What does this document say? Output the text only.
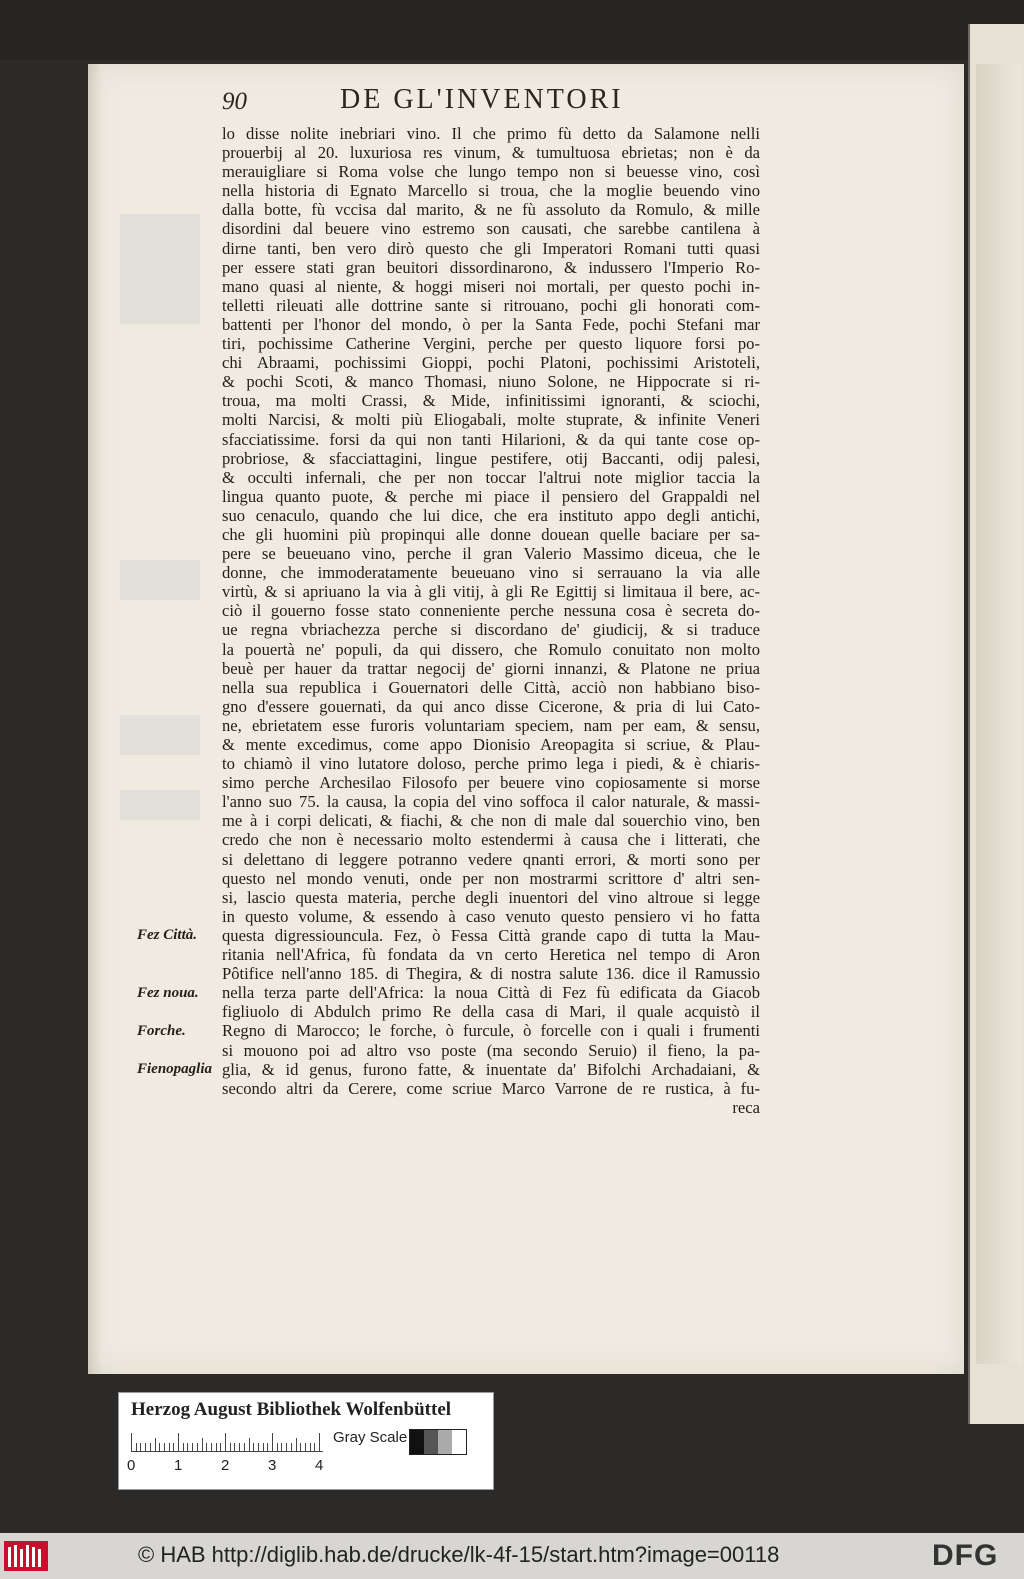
90	DE GL'INVENTORI
lo disse nolite inebriari vino. Il che primo fù detto da Salamone nelli
prouerbij al 20. luxuriosa res vinum, & tumultuosa ebrietas; non è da
merauigliare si Roma volse che lungo tempo non si beuesse vino, così
nella historia di Egnato Marcello si troua, che la moglie beuendo vino
dalla botte, fù vccisa dal marito, & ne fù assoluto da Romulo, & mille
disordini dal beuere vino estremo son causati, che sarebbe cantilena à
dirne tanti, ben vero dirò questo che gli Imperatori Romani tutti quasi
per essere stati gran beuitori dissordinarono, & indussero l'Imperio Ro-
mano quasi al niente, & hoggi miseri noi mortali, per questo pochi in-
telletti rileuati alle dottrine sante si ritrouano, pochi gli honorati com-
battenti per l'honor del mondo, ò per la Santa Fede, pochi Stefani mar
tiri, pochissime Catherine Vergini, perche per questo liquore forsi po-
chi Abraami, pochissimi Gioppi, pochi Platoni, pochissimi Aristoteli,
& pochi Scoti, & manco Thomasi, niuno Solone, ne Hippocrate si ri-
troua, ma molti Crassi, & Mide, infinitissimi ignoranti, & sciochi,
molti Narcisi, & molti più Eliogabali, molte stuprate, & infinite Veneri
sfacciatissime. forsi da qui non tanti Hilarioni, & da qui tante cose op-
probriose, & sfacciattagini, lingue pestifere, otij Baccanti, odij palesi,
& occulti infernali, che per non toccar l'altrui note miglior taccia la
lingua quanto puote, & perche mi piace il pensiero del Grappaldi nel
suo cenaculo, quando che lui dice, che era instituto appo degli antichi,
che gli huomini più propinqui alle donne douean quelle baciare per sa-
pere se beueuano vino, perche il gran Valerio Massimo diceua, che le
donne, che immoderatamente beueuano vino si serrauano la via alle
virtù, & si apriuano la via à gli vitij, à gli Re Egittij si limitaua il bere, ac-
ciò il gouerno fosse stato conneniente perche nessuna cosa è secreta do-
ue regna vbriachezza perche si discordano de' giudicij, & si traduce
la pouertà ne' populi, da qui dissero, che Romulo conuitato non molto
beuè per hauer da trattar negocij de' giorni innanzi, & Platone ne priua
nella sua republica i Gouernatori delle Città, acciò non habbiano biso-
gno d'essere gouernati, da qui anco disse Cicerone, & pria di lui Cato-
ne, ebrietatem esse furoris voluntariam speciem, nam per eam, & sensu,
& mente excedimus, come appo Dionisio Areopagita si scriue, & Plau-
to chiamò il vino lutatore doloso, perche primo lega i piedi, & è chiaris-
simo perche Archesilao Filosofo per beuere vino copiosamente si morse
l'anno suo 75. la causa, la copia del vino soffoca il calor naturale, & massi-
me à i corpi delicati, & fiachi, & che non di male dal souerchio vino, ben
credo che non è necessario molto estendermi à causa che i litterati, che
si delettano di leggere potranno vedere qnanti errori, & morti sono per
questo nel mondo venuti, onde per non mostrarmi scrittore d' altri sen-
si, lascio questa materia, perche degli inuentori del vino altroue si legge
in questo volume, & essendo à caso venuto questo pensiero vi ho fatta
questa digressiouncula. Fez, ò Fessa Città grande capo di tutta la Mau-
ritania nell'Africa, fù fondata da vn certo Heretica nel tempo di Aron
Pôtifice nell'anno 185. di Thegira, & di nostra salute 136. dice il Ramussio
nella terza parte dell'Africa: la noua Città di Fez fù edificata da Giacob
figliuolo di Abdulch primo Re della casa di Mari, il quale acquistò il
Regno di Marocco; le forche, ò furcule, ò forcelle con i quali i frumenti
si mouono poi ad altro vso poste (ma secondo Seruio) il fieno, la pa-
glia, & id genus, furono fatte, & inuentate da' Bifolchi Archadaiani, &
secondo altri da Cerere, come scriue Marco Varrone de re rustica, à fu-
reca
Fez Città.
Fez noua.
Forche.
Fienopaglia
Herzog August Bibliothek Wolfenbüttel
0	1	2	3	4
Gray Scale
© HAB http://diglib.hab.de/drucke/lk-4f-15/start.htm?image=00118	DFG
